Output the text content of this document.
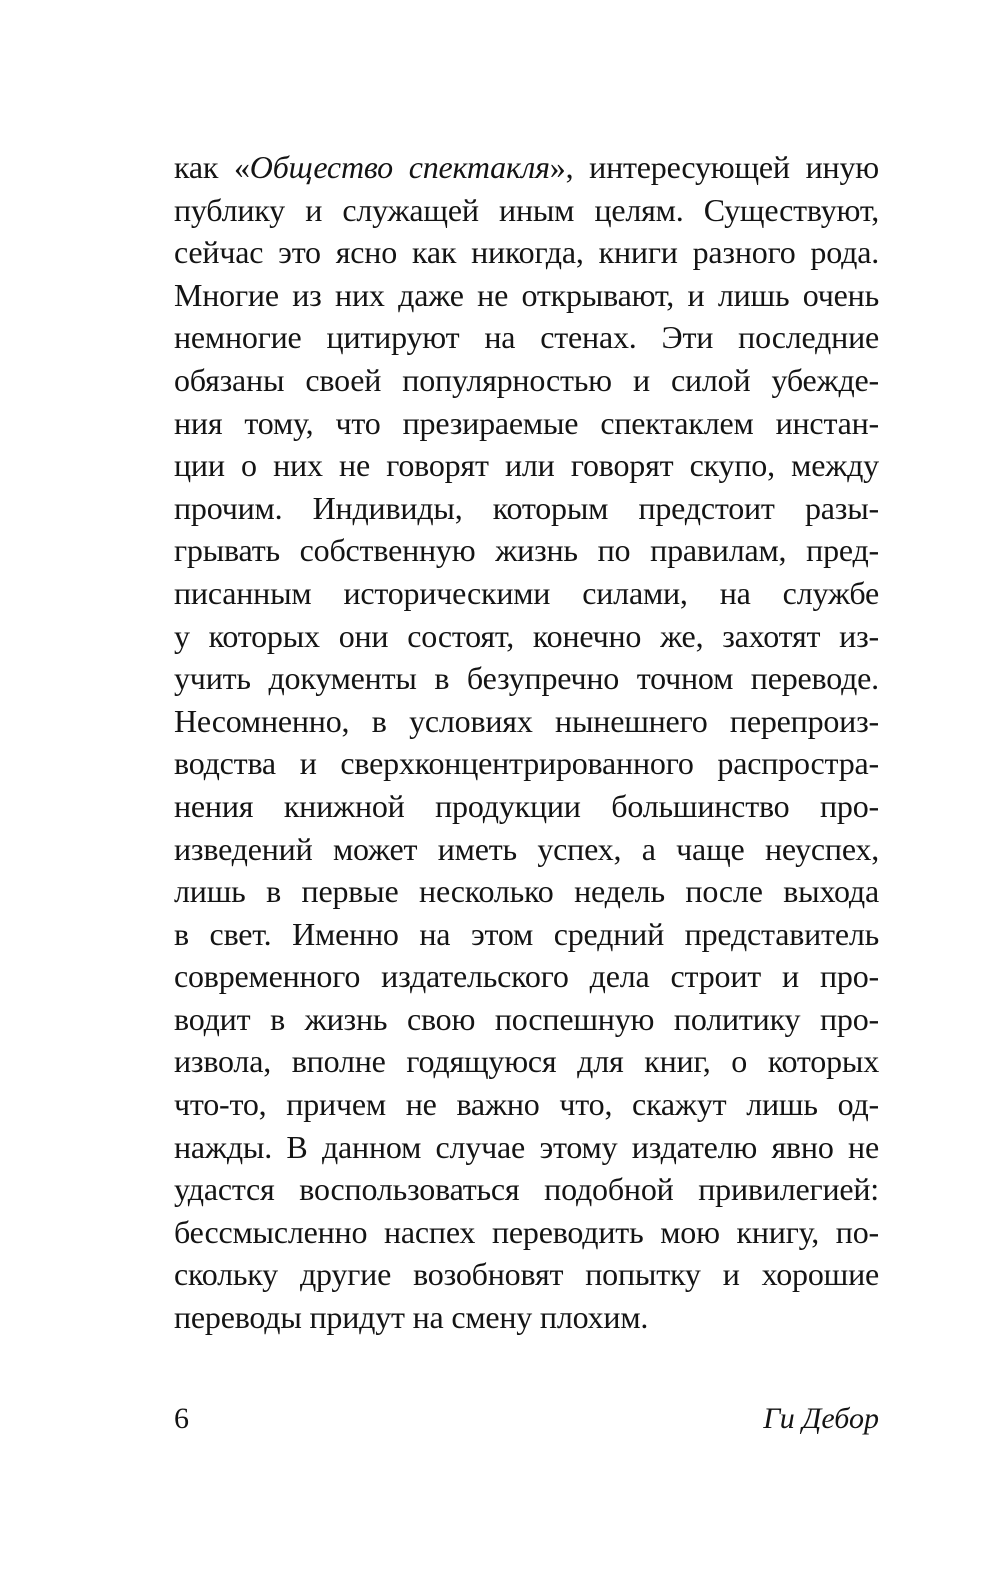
как «Общество спектакля», интересующей иную
публику и служащей иным целям. Существуют,
сейчас это ясно как никогда, книги разного рода.
Многие из них даже не открывают, и лишь очень
немногие цитируют на стенах. Эти последние
обязаны своей популярностью и силой убежде-
ния тому, что презираемые спектаклем инстан-
ции о них не говорят или говорят скупо, между
прочим. Индивиды, которым предстоит разы-
грывать собственную жизнь по правилам, пред-
писанным историческими силами, на службе
у которых они состоят, конечно же, захотят из-
учить документы в безупречно точном переводе.
Несомненно, в условиях нынешнего перепроиз-
водства и сверхконцентрированного распростра-
нения книжной продукции большинство про-
изведений может иметь успех, а чаще неуспех,
лишь в первые несколько недель после выхода
в свет. Именно на этом средний представитель
современного издательского дела строит и про-
водит в жизнь свою поспешную политику про-
извола, вполне годящуюся для книг, о которых
что-то, причем не важно что, скажут лишь од-
нажды. В данном случае этому издателю явно не
удастся воспользоваться подобной привилегией:
бессмысленно наспех переводить мою книгу, по-
скольку другие возобновят попытку и хорошие
переводы придут на смену плохим.
6	Ги Дебор
